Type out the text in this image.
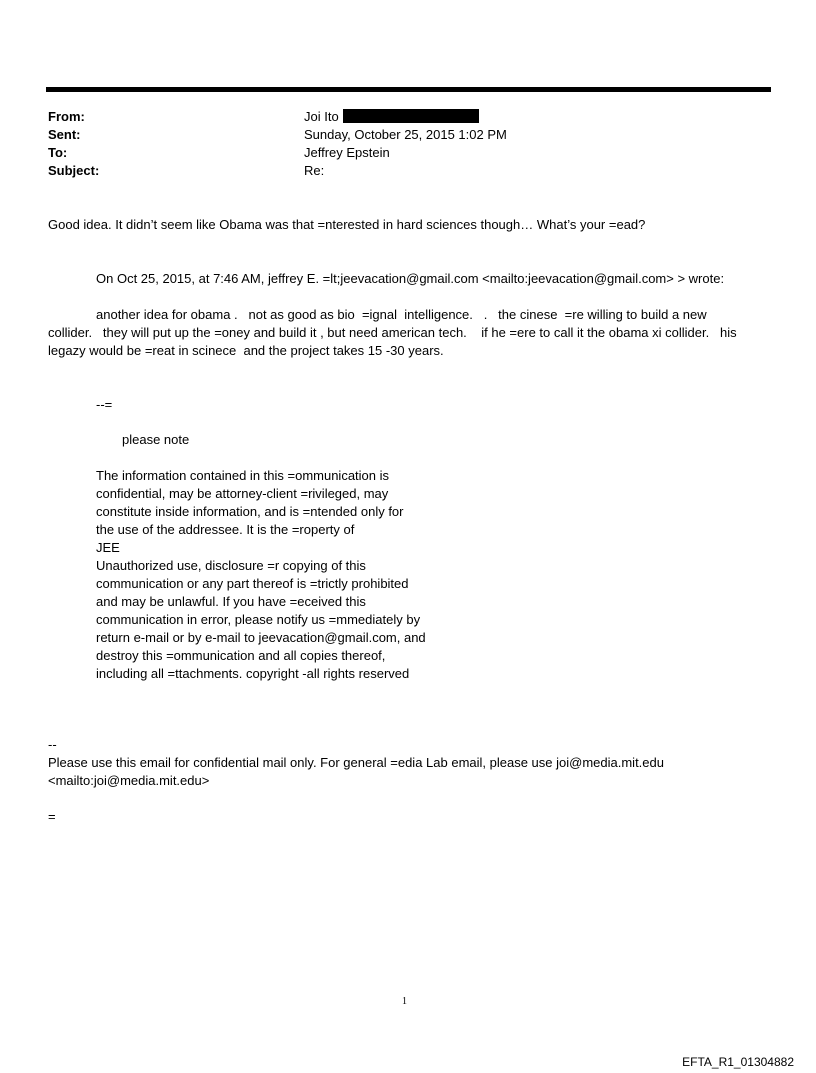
From:	Joi Ito
Sent:	Sunday, October 25, 2015 1:02 PM
To:	Jeffrey Epstein
Subject:	Re:
Good idea. It didn’t seem like Obama was that =nterested in hard sciences though… What’s your =ead?
On Oct 25, 2015, at 7:46 AM, jeffrey E. =lt;jeevacation@gmail.com <mailto:jeevacation@gmail.com> > wrote:
another idea for obama .   not as good as bio  =ignal  intelligence.   .   the cinese  =re willing to build a new
collider.   they will put up the =oney and build it , but need american tech.    if he =ere to call it the obama xi collider.   his
legazy would be =reat in scinece  and the project takes 15 -30 years.
--=
please note
The information contained in this =ommunication is
confidential, may be attorney-client =rivileged, may
constitute inside information, and is =ntended only for
the use of the addressee. It is the =roperty of
JEE
Unauthorized use, disclosure =r copying of this
communication or any part thereof is =trictly prohibited
and may be unlawful. If you have =eceived this
communication in error, please notify us =mmediately by
return e-mail or by e-mail to jeevacation@gmail.com, and
destroy this =ommunication and all copies thereof,
including all =ttachments. copyright -all rights reserved
--
Please use this email for confidential mail only. For general =edia Lab email, please use joi@media.mit.edu
<mailto:joi@media.mit.edu>
=
1
EFTA_R1_01304882
